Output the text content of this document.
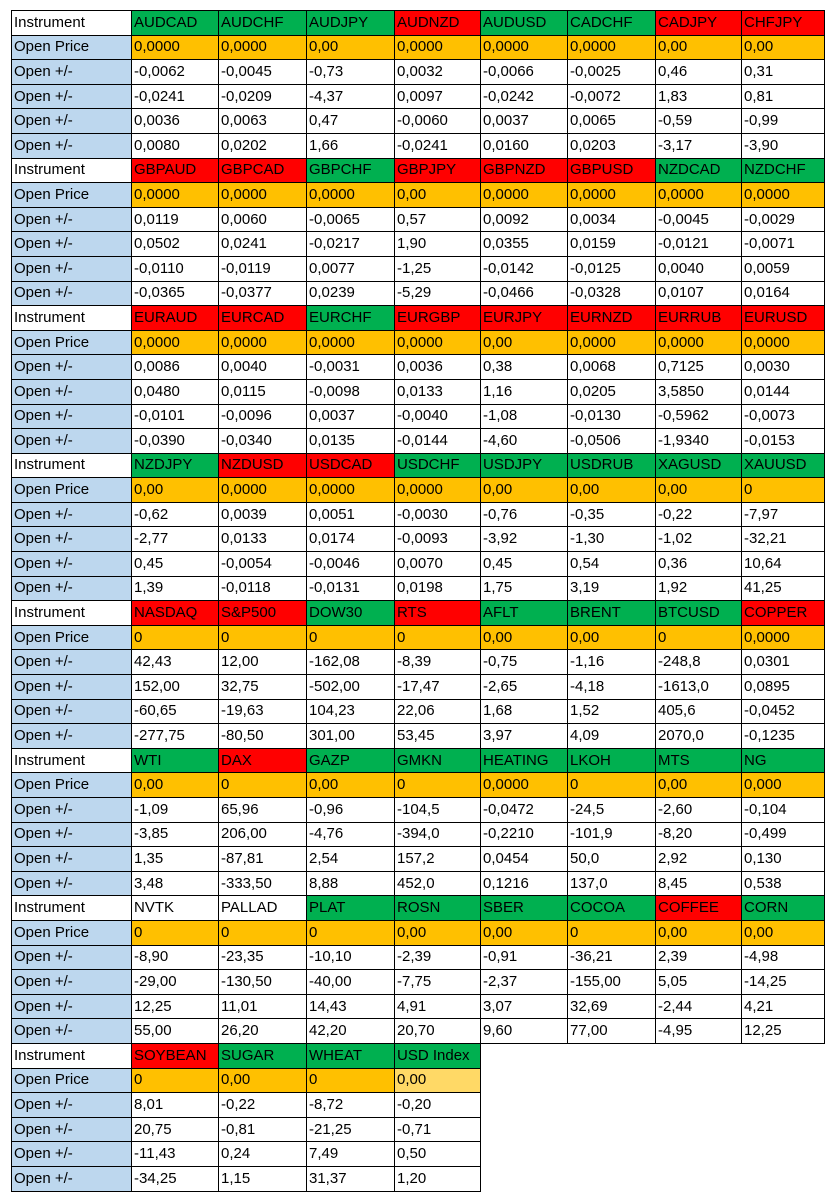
Instrument	AUDCAD	AUDCHF	AUDJPY	AUDNZD	AUDUSD	CADCHF	CADJPY	CHFJPY
Open Price	0,0000	0,0000	0,00	0,0000	0,0000	0,0000	0,00	0,00
Open +/-	-0,0062	-0,0045	-0,73	0,0032	-0,0066	-0,0025	0,46	0,31
Open +/-	-0,0241	-0,0209	-4,37	0,0097	-0,0242	-0,0072	1,83	0,81
Open +/-	0,0036	0,0063	0,47	-0,0060	0,0037	0,0065	-0,59	-0,99
Open +/-	0,0080	0,0202	1,66	-0,0241	0,0160	0,0203	-3,17	-3,90
Instrument	GBPAUD	GBPCAD	GBPCHF	GBPJPY	GBPNZD	GBPUSD	NZDCAD	NZDCHF
Open Price	0,0000	0,0000	0,0000	0,00	0,0000	0,0000	0,0000	0,0000
Open +/-	0,0119	0,0060	-0,0065	0,57	0,0092	0,0034	-0,0045	-0,0029
Open +/-	0,0502	0,0241	-0,0217	1,90	0,0355	0,0159	-0,0121	-0,0071
Open +/-	-0,0110	-0,0119	0,0077	-1,25	-0,0142	-0,0125	0,0040	0,0059
Open +/-	-0,0365	-0,0377	0,0239	-5,29	-0,0466	-0,0328	0,0107	0,0164
Instrument	EURAUD	EURCAD	EURCHF	EURGBP	EURJPY	EURNZD	EURRUB	EURUSD
Open Price	0,0000	0,0000	0,0000	0,0000	0,00	0,0000	0,0000	0,0000
Open +/-	0,0086	0,0040	-0,0031	0,0036	0,38	0,0068	0,7125	0,0030
Open +/-	0,0480	0,0115	-0,0098	0,0133	1,16	0,0205	3,5850	0,0144
Open +/-	-0,0101	-0,0096	0,0037	-0,0040	-1,08	-0,0130	-0,5962	-0,0073
Open +/-	-0,0390	-0,0340	0,0135	-0,0144	-4,60	-0,0506	-1,9340	-0,0153
Instrument	NZDJPY	NZDUSD	USDCAD	USDCHF	USDJPY	USDRUB	XAGUSD	XAUUSD
Open Price	0,00	0,0000	0,0000	0,0000	0,00	0,00	0,00	0
Open +/-	-0,62	0,0039	0,0051	-0,0030	-0,76	-0,35	-0,22	-7,97
Open +/-	-2,77	0,0133	0,0174	-0,0093	-3,92	-1,30	-1,02	-32,21
Open +/-	0,45	-0,0054	-0,0046	0,0070	0,45	0,54	0,36	10,64
Open +/-	1,39	-0,0118	-0,0131	0,0198	1,75	3,19	1,92	41,25
Instrument	NASDAQ	S&P500	DOW30	RTS	AFLT	BRENT	BTCUSD	COPPER
Open Price	0	0	0	0	0,00	0,00	0	0,0000
Open +/-	42,43	12,00	-162,08	-8,39	-0,75	-1,16	-248,8	0,0301
Open +/-	152,00	32,75	-502,00	-17,47	-2,65	-4,18	-1613,0	0,0895
Open +/-	-60,65	-19,63	104,23	22,06	1,68	1,52	405,6	-0,0452
Open +/-	-277,75	-80,50	301,00	53,45	3,97	4,09	2070,0	-0,1235
Instrument	WTI	DAX	GAZP	GMKN	HEATING	LKOH	MTS	NG
Open Price	0,00	0	0,00	0	0,0000	0	0,00	0,000
Open +/-	-1,09	65,96	-0,96	-104,5	-0,0472	-24,5	-2,60	-0,104
Open +/-	-3,85	206,00	-4,76	-394,0	-0,2210	-101,9	-8,20	-0,499
Open +/-	1,35	-87,81	2,54	157,2	0,0454	50,0	2,92	0,130
Open +/-	3,48	-333,50	8,88	452,0	0,1216	137,0	8,45	0,538
Instrument	NVTK	PALLAD	PLAT	ROSN	SBER	COCOA	COFFEE	CORN
Open Price	0	0	0	0,00	0,00	0	0,00	0,00
Open +/-	-8,90	-23,35	-10,10	-2,39	-0,91	-36,21	2,39	-4,98
Open +/-	-29,00	-130,50	-40,00	-7,75	-2,37	-155,00	5,05	-14,25
Open +/-	12,25	11,01	14,43	4,91	3,07	32,69	-2,44	4,21
Open +/-	55,00	26,20	42,20	20,70	9,60	77,00	-4,95	12,25
Instrument	SOYBEAN	SUGAR	WHEAT	USD Index				
Open Price	0	0,00	0	0,00				
Open +/-	8,01	-0,22	-8,72	-0,20				
Open +/-	20,75	-0,81	-21,25	-0,71				
Open +/-	-11,43	0,24	7,49	0,50				
Open +/-	-34,25	1,15	31,37	1,20				
